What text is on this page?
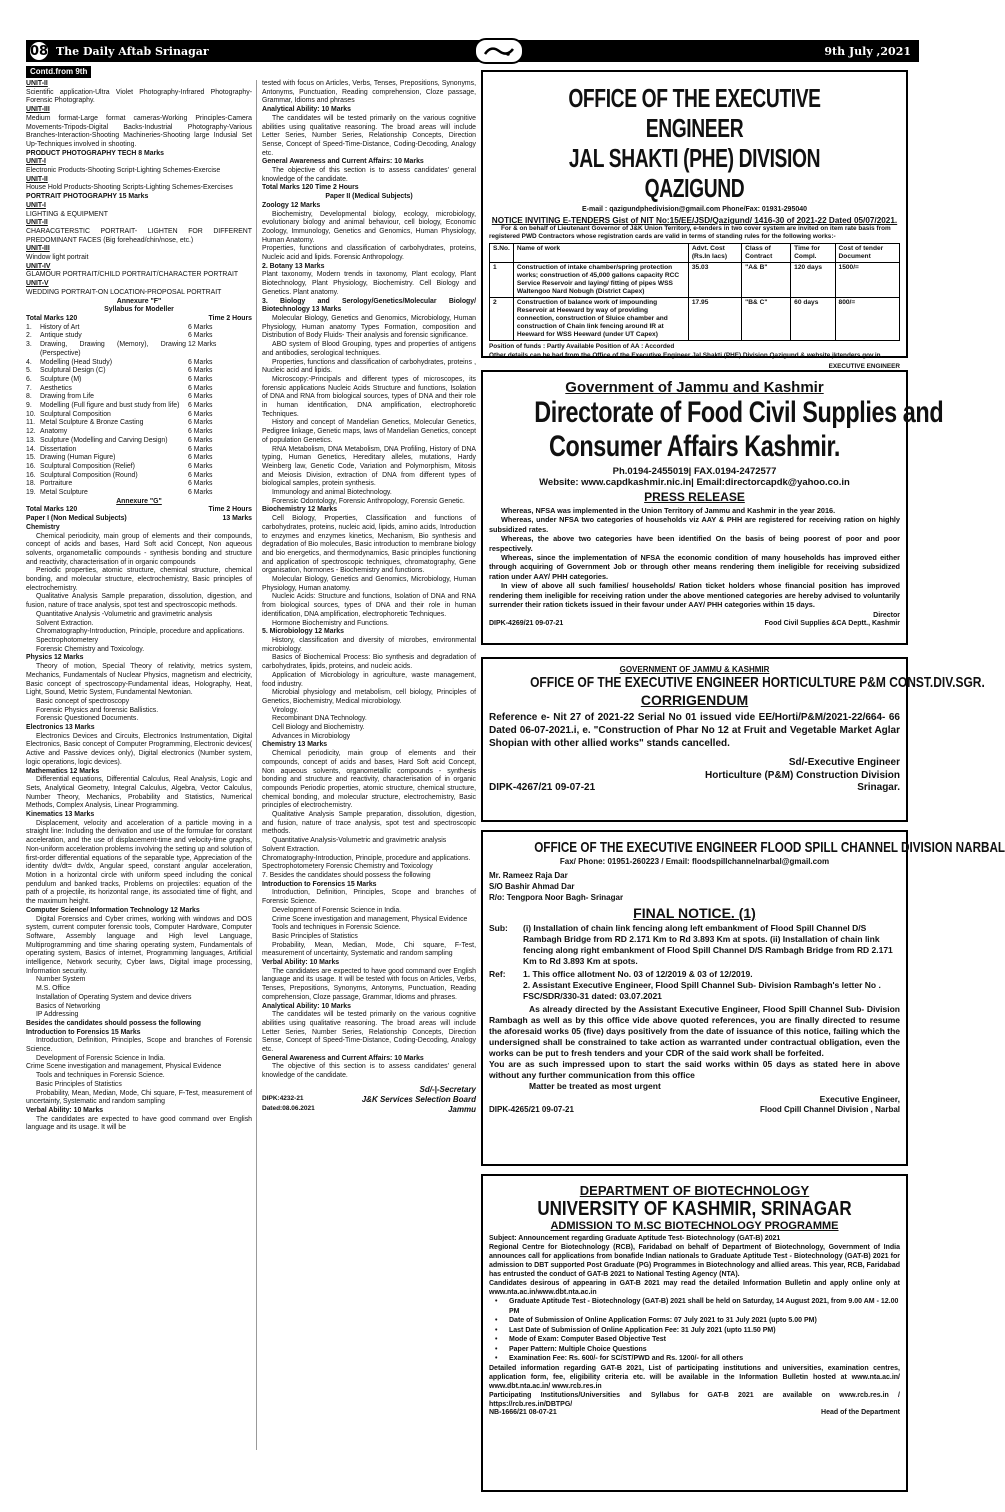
08 The Daily Aftab Srinagar	9th July ,2021
Contd.from 9th

UNIT-II

Scientific application-Ultra Violet Photography-Infrared Photography-Forensic Photography.

UNIT-III

Medium format-Large format cameras-Working Principles-Camera Movements-Tripods-Digital Backs-Industrial Photography-Various Branches-Interaction-Shooting Machineries-Shooting large Indusial Set Up-Techniques involved in shooting.

PRODUCT PHOTOGRAPHY TECH 8 Marks

UNIT-I

Electronic Products-Shooting Script-Lighting Schemes-Exercise

UNIT-II

House Hold Products-Shooting Scripts-Lighting Schemes-Exercises

PORTRAIT PHOTOGRAPHY 15 Marks

UNIT-I

LIGHTING & EQUIPMENT

UNIT-II

CHARACGTERSTIC PORTRAIT- LIGHTEN FOR DIFFERENT PREDOMINANT FACES (Big forehead/chin/nose, etc.)

UNIT-III

Window light portrait

UNIT-IV

GLAMOUR PORTRAIT/CHILD PORTRAIT/CHARACTER PORTRAIT

UNIT-V

WEDDING PORTRAIT-ON LOCATION-PROPOSAL PORTRAIT

Annexure "F"

Syllabus for Modeller

Total Marks 120	Time 2 Hours
1.	History of Art	6 Marks
2.	Antique study	6 Marks
3.	Drawing, Drawing (Memory), Drawing (Perspective)
12 Marks
4.	Modelling (Head Study)	6 Marks
5.	Sculptural Design (C)	6 Marks
6.	Sculpture (M)	6 Marks
7.	Aesthetics	6 Marks
8.	Drawing from Life	6 Marks
9.	Modelling (Full figure and bust study from life)	6 Marks
10. Sculptural Composition	6 Marks
11. Metal Sculpture & Bronze Casting	6 Marks
12. Anatomy	6 Marks
13. Sculpture (Modelling and Carving Design)	6 Marks
14. Dissertation	6 Marks
15. Drawing (Human Figure)	6 Marks
16. Sculptural Composition (Relief)	6 Marks
16. Sculptural Composition (Round)	6 Marks
18. Portraiture	6 Marks
19. Metal Sculpture	6 Marks
Annexure "G"
Total Marks 120	Time 2 Hours
Paper I (Non Medical Subjects)	13 Marks

Chemistry

Chemical periodicity, main group of elements and their compounds, concept of acids and bases, Hard Soft acid Concept, Non aqueous solvents, organometallic compounds - synthesis bonding and structure and reactivity, characterisation of in organic compounds

Periodic properties, atomic structure, chemical structure, chemical bonding, and molecular structure, electrochemistry, Basic principles of electrochemistry.

Qualitative Analysis Sample preparation, dissolution, digestion, and fusion, nature of trace analysis, spot test and spectroscopic methods.

Quantitative Analysis -Volumetric and gravimetric analysis

Solvent Extraction.

Chromatography-Introduction, Principle, procedure and applications.

Spectrophotometery

Forensic Chemistry and Toxicology.

Physics 12 Marks

Theory of motion, Special Theory of relativity, metrics system, Mechanics, Fundamentals of Nuclear Physics, magnetism and electricity, Basic concept of spectroscopy-Fundamental ideas, Holography, Heat, Light, Sound, Metric System, Fundamental Newtonian.

Basic concept of spectroscopy

Forensic Physics and forensic Ballistics.

Forensic Questioned Documents.

Electronics 13 Marks

Electronics Devices and Circuits, Electronics Instrumentation, Digital Electronics, Basic concept of Computer Programming, Electronic devices( Active and Passive devices only), Digital electronics (Number system, logic operations, logic devices).

Mathematics 12 Marks

Differential equations, Differential Calculus, Real Analysis, Logic and Sets, Analytical Geometry, Integral Calculus, Algebra, Vector Calculus, Number Theory, Mechanics, Probability and Statistics, Numerical Methods, Complex Analysis, Linear Programming.

Kinematics 13 Marks

Displacement, velocity and acceleration of a particle moving in a straight line: Including the derivation and use of the formulae for constant acceleration, and the use of displacement-time and velocity-time graphs, Non-uniform acceleration problems involving the setting up and solution of first-order differential equations of the separable type, Appreciation of the identity dv/dt= dv/dx, Angular speed, constant angular acceleration, Motion in a horizontal circle with uniform speed including the conical pendulum and banked tracks, Problems on projectiles: equation of the path of a projectile, its horizontal range, its associated time of flight, and the maximum height.

Computer Science/ Information Technology 12 Marks

Digital Forensics and Cyber crimes, working with windows and DOS system, current computer forensic tools, Computer Hardware, Computer Software, Assembly language and High level Language, Multiprogramming and time sharing operating system, Fundamentals of operating system, Basics of internet, Programming languages, Artificial intelligence, Network security, Cyber laws, Digital image processing, Information security.

Number System

M.S. Office

Installation of Operating System and device drivers

Basics of Networking

IP Addressing

Besides the candidates should possess the following

Introduction to Forensics 15 Marks

Introduction, Definition, Principles, Scope and branches of Forensic Science.

Development of Forensic Science in India.

Crime Scene investigation and management, Physical Evidence

Tools and techniques in Forensic Science.

Basic Principles of Statistics

Probability, Mean, Median, Mode, Chi square, F-Test, measurement of uncertainty, Systematic and random sampling

Verbal Ability: 10 Marks

The candidates are expected to have good command over English language and its usage. It will be

tested with focus on Articles, Verbs, Tenses, Prepositions, Synonyms, Antonyms, Punctuation, Reading comprehension, Cloze passage, Grammar, Idioms and phrases

Analytical Ability: 10 Marks

The candidates will be tested primarily on the various cognitive abilities using qualitative reasoning. The broad areas will include Letter Series, Number Series, Relationship Concepts, Direction Sense, Concept of Speed-Time-Distance, Coding-Decoding, Analogy etc.

General Awareness and Current Affairs: 10 Marks

The objective of this section is to assess candidates' general knowledge of the candidate.

Total Marks 120 Time 2 Hours

Paper II (Medical Subjects)

Zoology 12 Marks

Biochemistry, Developmental biology, ecology, microbiology, evolutionary biology and animal behaviour, cell biology, Economic Zoology, Immunology, Genetics and Genomics, Human Physiology, Human Anatomy.

Properties, functions and classification of carbohydrates, proteins, Nucleic acid and lipids. Forensic Anthropology.

2. Botany 13 Marks

Plant taxonomy, Modern trends in taxonomy, Plant ecology, Plant Biotechnology, Plant Physiology, Biochemistry. Cell Biology and Genetics. Plant anatomy.

3. Biology and Serology/Genetics/Molecular Biology/ Biotechnology 13 Marks

Molecular Biology, Genetics and Genomics, Microbiology, Human Physiology, Human anatomy Types Formation, composition and Distribution of Body Fluids- Their analysis and forensic significance.

ABO system of Blood Grouping, types and properties of antigens and antibodies, serological techniques.

Properties, functions and classification of carbohydrates, proteins , Nucleic acid and lipids.

Microscopy:-Principals and different types of microscopes, its forensic applications Nucleic Acids Structure and functions, Isolation of DNA and RNA from biological sources, types of DNA and their role in human identification, DNA amplification, electrophoretic Techniques.

History and concept of Mandelian Genetics, Molecular Genetics, Pedigree linkage, Genetic maps, laws of Mandelian Genetics, concept of population Genetics.

RNA Metabolism, DNA Metabolism, DNA Profiling, History of DNA typing, Human Genetics, Hereditary alleles, mutations, Hardy Weinberg law, Genetic Code, Variation and Polymorphism, Mitosis and Meiosis Division, extraction of DNA from different types of biological samples, protein synthesis.

Immunology and animal Biotechnology.

Forensic Odontology, Forensic Anthropology, Forensic Genetic.

Biochemistry 12 Marks

Cell Biology, Properties, Classification and functions of carbohydrates, proteins, nucleic acid, lipids, amino acids, Introduction to enzymes and enzymes kinetics, Mechanism, Bio synthesis and degradation of Bio molecules, Basic introduction to membrane biology and bio energetics, and thermodynamics, Basic principles functioning and application of spectroscopic techniques, chromatography, Gene organisation, hormones - Biochemistry and functions.

Molecular Biology, Genetics and Genomics, Microbiology, Human Physiology, Human anatomy.

Nucleic Acids: Structure and functions, Isolation of DNA and RNA from biological sources, types of DNA and their role in human identification, DNA amplification, electrophoretic Techniques.

Hormone Biochemistry and Functions.

5. Microbiology 12 Marks

History, classification and diversity of microbes, environmental microbiology.

Basics of Biochemical Process: Bio synthesis and degradation of carbohydrates, lipids, proteins, and nucleic acids.

Application of Microbiology in agriculture, waste management, food industry.

Microbial physiology and metabolism, cell biology, Principles of Genetics, Biochemistry, Medical microbiology.

Virology.

Recombinant DNA Technology.

Cell Biology and Biochemistry.

Advances in Microbiology

Chemistry 13 Marks

Chemical periodicity, main group of elements and their compounds, concept of acids and bases, Hard Soft acid Concept, Non aqueous solvents, organometallic compounds - synthesis bonding and structure and reactivity, characterisation of in organic compounds Periodic properties, atomic structure, chemical structure, chemical bonding, and molecular structure, electrochemistry, Basic principles of electrochemistry.

Qualitative Analysis Sample preparation, dissolution, digestion, and fusion, nature of trace analysis, spot test and spectroscopic methods.

Quantitative Analysis-Volumetric and gravimetric analysis

Solvent Extraction.

Chromatography-Introduction, Principle, procedure and applications.

Spectrophotometery Forensic Chemistry and Toxicology

7. Besides the candidates should possess the following

Introduction to Forensics 15 Marks

Introduction, Definition, Principles, Scope and branches of Forensic Science.

Development of Forensic Science in India.

Crime Scene investigation and management, Physical Evidence

Tools and techniques in Forensic Science.

Basic Principles of Statistics

Probability, Mean, Median, Mode, Chi square, F-Test, measurement of uncertainty, Systematic and random sampling

Verbal Ability: 10 Marks

The candidates are expected to have good command over English language and its usage. It will be tested with focus on Articles, Verbs, Tenses, Prepositions, Synonyms, Antonyms, Punctuation, Reading comprehension, Cloze passage, Grammar, Idioms and phrases.

Analytical Ability: 10 Marks

The candidates will be tested primarily on the various cognitive abilities using qualitative reasoning. The broad areas will include Letter Series, Number Series, Relationship Concepts, Direction Sense, Concept of Speed-Time-Distance, Coding-Decoding, Analogy etc.

General Awareness and Current Affairs: 10 Marks

The objective of this section is to assess candidates' general knowledge of the candidate.

Sd/-|-Secretary
DIPK:4232-21	J&K Services Selection Board
Dated:08.06.2021	Jammu
OFFICE OF THE EXECUTIVE ENGINEER
JAL SHAKTI (PHE) DIVISION QAZIGUND
E-mail : qazigundphedivision@gmail.com Phone/Fax: 01931-295040
NOTICE INVITING E-TENDERS Gist of NIT No:15/EE/JSD/Qazigund/ 1416-30 of 2021-22 Dated 05/07/2021.
For & on behalf of Lieutenant Governor of J&K Union Territory, e-tenders in two cover system are invited on item rate basis from registered PWD Contractors whose registration cards are valid in terms of standing rules for the following works:-
S.No.	Name of work	Advt. Cost (Rs.In lacs)	Class of Contract	Time for Compl.	Cost of tender Document
1	Construction of intake chamber/spring protection works; construction of 45,000 gallons capacity RCC Service Reservoir and laying/ fitting of pipes WSS Waltengoo Nard Nobugh (District Capex)	35.03	"A& B"	120 days	1500/=
2	Construction of balance work of impounding Reservoir at Heeward by way of providing connection, construction of Sluice chamber and construction of Chain link fencing around IR at Heeward for WSS Heeward (under UT Capex)	17.95	"B& C"	60 days	800/=
Position of funds : Partly Available Position of AA : Accorded
Other details can be had from the Office of the Executive Engineer Jal Shakti (PHE) Division Qazigund & website jktenders.gov.in.
EXECUTIVE ENGINEER
Government of Jammu and Kashmir
Directorate of Food Civil Supplies and
Consumer Affairs Kashmir.
Ph.0194-2455019| FAX.0194-2472577
Website: www.capdkashmir.nic.in| Email:directorcapdk@yahoo.co.in
PRESS RELEASE

Whereas, NFSA was implemented in the Union Territory of Jammu and Kashmir in the year 2016.

Whereas, under NFSA two categories of households viz AAY & PHH are registered for receiving ration on highly subsidized rates.

Whereas, the above two categories have been identified On the basis of being poorest of poor and poor respectively.

Whereas, since the implementation of NFSA the economic condition of many households has improved either through acquiring of Government Job or through other means rendering them ineligible for receiving subsidized ration under AAY/ PHH categories.

In view of above all such families/ households/ Ration ticket holders whose financial position has improved rendering them ineligible for receiving ration under the above mentioned categories are hereby advised to voluntarily surrender their ration tickets issued in their favour under AAY/ PHH categories within 15 days.

Director
DIPK-4269/21 09-07-21	Food Civil Supplies &CA Deptt., Kashmir
GOVERNMENT OF JAMMU & KASHMIR
OFFICE OF THE EXECUTIVE ENGINEER HORTICULTURE P&M CONST.DIV.SGR.
CORRIGENDUM
Reference e- Nit 27 of 2021-22 Serial No 01 issued vide EE/Horti/P&M/2021-22/664- 66 Dated 06-07-2021.i, e. "Construction of Phar No 12 at Fruit and Vegetable Market Aglar Shopian with other allied works" stands cancelled.
Sd/-Executive Engineer
Horticulture (P&M) Construction Division
DIPK-4267/21 09-07-21	Srinagar.
OFFICE OF THE EXECUTIVE ENGINEER FLOOD SPILL CHANNEL DIVISION NARBAL
Fax/ Phone: 01951-260223 / Email: floodspillchannelnarbal@gmail.com
Mr. Rameez Raja Dar
S/O Bashir Ahmad Dar
R/o: Tengpora Noor Bagh- Srinagar
FINAL NOTICE. (1)
Sub:	(i) Installation of chain link fencing along left embankment of Flood Spill Channel D/S Rambagh Bridge from RD 2.171 Km to Rd 3.893 Km at spots. (ii) Installation of chain link fencing along right embankment of Flood Spill Channel D/S Rambagh Bridge from RD 2.171 Km to Rd 3.893 Km at spots.
Ref:	1. This office allotment No. 03 of 12/2019 & 03 of 12/2019.
2. Assistant Executive Engineer, Flood Spill Channel Sub- Division Rambagh's letter No . FSC/SDR/330-31 dated: 03.07.2021
As already directed by the Assistant Executive Engineer, Flood Spill Channel Sub- Division Rambagh as well as by this office vide above quoted references, you are finally directed to resume the aforesaid works 05 (five) days positively from the date of issuance of this notice, failing which the undersigned shall be constrained to take action as warranted under contractual obligation, even the works can be put to fresh tenders and your CDR of the said work shall be forfeited.
You are as such impressed upon to start the said works within 05 days as stated here in above without any further communication from this office
Matter be treated as most urgent
Executive Engineer,
DIPK-4265/21 09-07-21	Flood Cpill Channel Division , Narbal
DEPARTMENT OF BIOTECHNOLOGY
UNIVERSITY OF KASHMIR, SRINAGAR
ADMISSION TO M.SC BIOTECHNOLOGY PROGRAMME
Subject: Announcement regarding Graduate Aptitude Test- Biotechnology (GAT-B) 2021
Regional Centre for Biotechnology (RCB), Faridabad on behalf of Department of Biotechnology, Government of India announces call for applications from bonafide Indian nationals to Graduate Aptitude Test - Biotechnology (GAT-B) 2021 for admission to DBT supported Post Graduate (PG) Programmes in Biotechnology and allied areas. This year, RCB, Faridabad has entrusted the conduct of GAT-B 2021 to National Testing Agency (NTA).
Candidates desirous of appearing in GAT-B 2021 may read the detailed Information Bulletin and apply online only at www.nta.ac.in/www.dbt.nta.ac.in
• Graduate Aptitude Test - Biotechnology (GAT-B) 2021 shall be held on Saturday, 14 August 2021, from 9.00 AM - 12.00 PM
• Date of Submission of Online Application Forms: 07 July 2021 to 31 July 2021 (upto 5.00 PM)
• Last Date of Submission of Online Application Fee: 31 July 2021 (upto 11.50 PM)
• Mode of Exam: Computer Based Objective Test
• Paper Pattern: Multiple Choice Questions
• Examination Fee: Rs. 600/- for SC/ST/PWD and Rs. 1200/- for all others
Detailed information regarding GAT-B 2021, List of participating institutions and universities, examination centres, application form, fee, eligibility criteria etc. will be available in the Information Bulletin hosted at www.nta.ac.in/ www.dbt.nta.ac.in/ www.rcb.res.in
Participating Institutions/Universities and Syllabus for GAT-B 2021 are available on www.rcb.res.in / https://rcb.res.in/DBTPG/
NB-1666/21 08-07-21	Head of the Department
